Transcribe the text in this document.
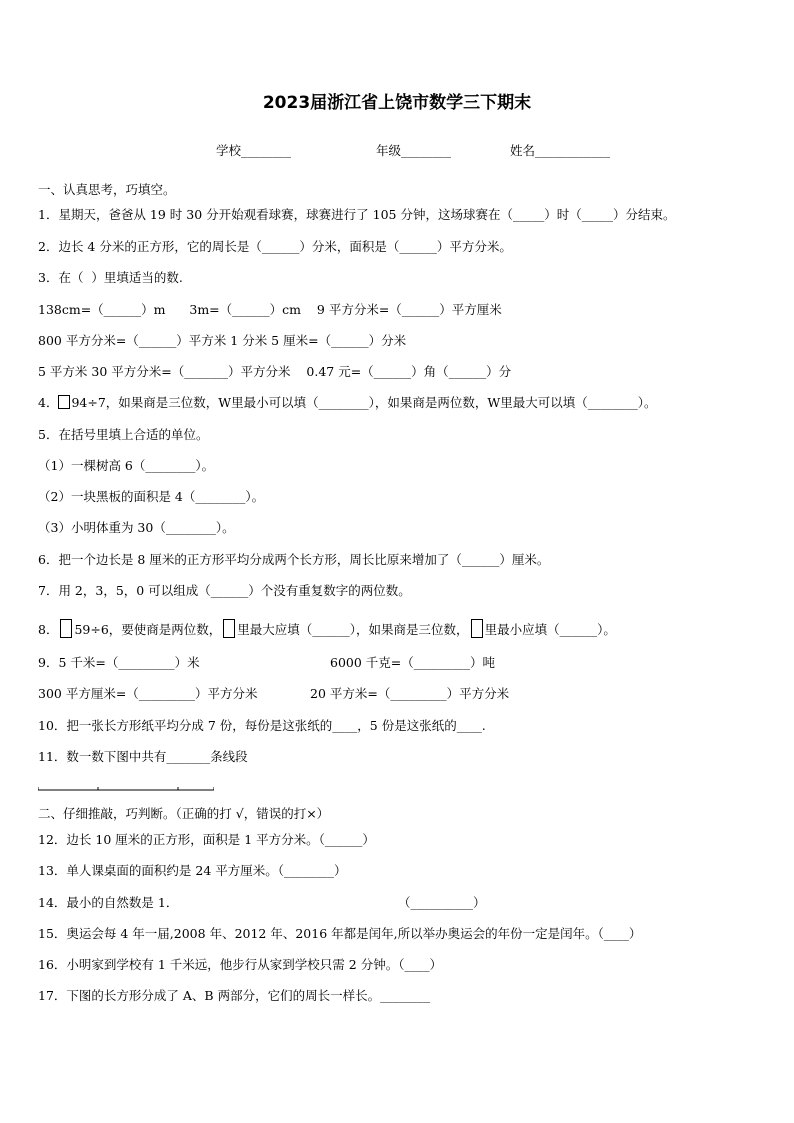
2023届浙江省上饶市数学三下期末
学校________	年级________	姓名____________
一、认真思考，巧填空。
1．星期天，爸爸从 19 时 30 分开始观看球赛，球赛进行了 105 分钟，这场球赛在（_____）时（_____）分结束。
2．边长 4 分米的正方形，它的周长是（______）分米，面积是（______）平方分米。
3．在（  ）里填适当的数.
138cm=（______）m      3m=（______）cm    9 平方分米=（______）平方厘米
800 平方分米=（______）平方米 1 分米 5 厘米=（______）分米
5 平方米 30 平方分米=（_______）平方分米    0.47 元=（______）角（______）分
4． 94÷7，如果商是三位数，W里最小可以填（________），如果商是两位数，W里最大可以填（________）。
5．在括号里填上合适的单位。
（1）一棵树高 6（________）。
（2）一块黑板的面积是 4（________）。
（3）小明体重为 30（________）。
6．把一个边长是 8 厘米的正方形平均分成两个长方形，周长比原来增加了（______）厘米。
7．用 2，3，5，0 可以组成（______）个没有重复数字的两位数。
8． 59÷6，要使商是两位数， 里最大应填（______），如果商是三位数， 里最小应填（______）。
9．5 千米=（_________）米	6000 千克=（_________）吨
300 平方厘米=（_________）平方分米	20 平方米=（_________）平方分米
10．把一张长方形纸平均分成 7 份，每份是这张纸的____，5 份是这张纸的____.
11．数一数下图中共有_______条线段
二、仔细推敲，巧判断。（正确的打 √，错误的打×）
12．边长 10 厘米的正方形，面积是 1 平方分米。（______）
13．单人课桌面的面积约是 24 平方厘米。（________）
14．最小的自然数是 1．	（__________）
15．奥运会每 4 年一届,2008 年、2012 年、2016 年都是闰年,所以举办奥运会的年份一定是闰年。（____）
16．小明家到学校有 1 千米远，他步行从家到学校只需 2 分钟。（____）
17．下图的长方形分成了 A、B 两部分，它们的周长一样长。________
